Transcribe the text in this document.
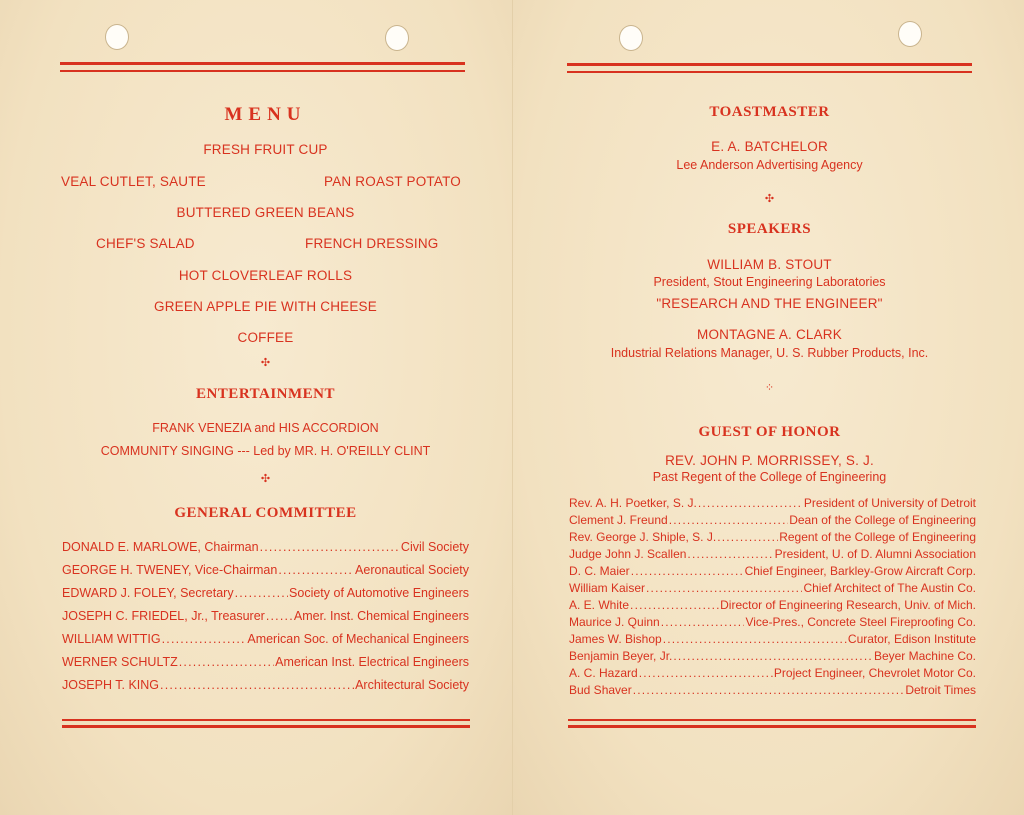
MENU
FRESH FRUIT CUP
VEAL CUTLET, SAUTE	PAN ROAST POTATO
BUTTERED GREEN BEANS
CHEF'S SALAD	FRENCH DRESSING
HOT CLOVERLEAF ROLLS
GREEN APPLE PIE WITH CHEESE
COFFEE
✣
ENTERTAINMENT
FRANK VENEZIA and HIS ACCORDION
COMMUNITY SINGING --- Led by MR. H. O'REILLY CLINT
✣
GENERAL COMMITTEE
DONALD E. MARLOWE, Chairman .....	Civil Society
GEORGE H. TWENEY, Vice-Chairman .....	Aeronautical Society
EDWARD J. FOLEY, Secretary .....	Society of Automotive Engineers
JOSEPH C. FRIEDEL, Jr., Treasurer ..... Amer. Inst. Chemical Engineers
WILLIAM WITTIG .....	American Soc. of Mechanical Engineers
WERNER SCHULTZ .....	American Inst. Electrical Engineers
JOSEPH T. KING .....	Architectural Society
TOASTMASTER
E. A. BATCHELOR
Lee Anderson Advertising Agency
✣
SPEAKERS
WILLIAM B. STOUT
President, Stout Engineering Laboratories
"RESEARCH AND THE ENGINEER"
MONTAGNE A. CLARK
Industrial Relations Manager, U. S. Rubber Products, Inc.
⁘
GUEST OF HONOR
REV. JOHN P. MORRISSEY, S. J.
Past Regent of the College of Engineering
Rev. A. H. Poetker, S. J. .....	President of University of Detroit
Clement J. Freund .....	Dean of the College of Engineering
Rev. George J. Shiple, S. J. .....	Regent of the College of Engineering
Judge John J. Scallen .....	President, U. of D. Alumni Association
D. C. Maier .....	Chief Engineer, Barkley-Grow Aircraft Corp.
William Kaiser .....	Chief Architect of The Austin Co.
A. E. White .....	Director of Engineering Research, Univ. of Mich.
Maurice J. Quinn .....	Vice-Pres., Concrete Steel Fireproofing Co.
James W. Bishop .....	Curator, Edison Institute
Benjamin Beyer, Jr. .....	Beyer Machine Co.
A. C. Hazard .....	Project Engineer, Chevrolet Motor Co.
Bud Shaver .....	Detroit Times
